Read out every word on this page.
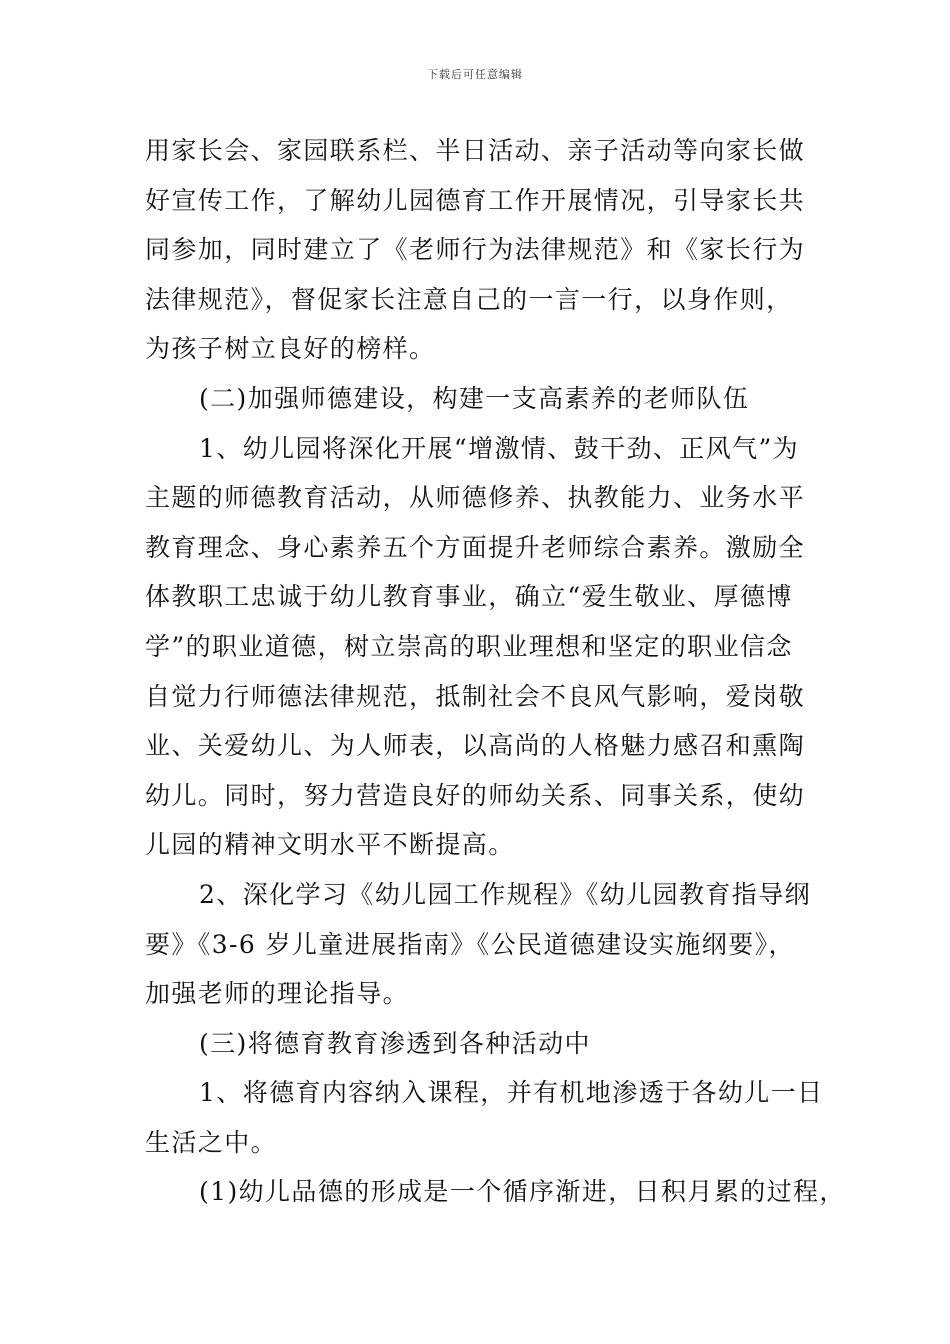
下载后可任意编辑
用家长会、家园联系栏、半日活动、亲子活动等向家长做
好宣传工作，了解幼儿园德育工作开展情况，引导家长共
同参加，同时建立了《老师行为法律规范》和《家长行为
法律规范》，督促家长注意自己的一言一行，以身作则，
为孩子树立良好的榜样。
(二)加强师德建设，构建一支高素养的老师队伍
1、幼儿园将深化开展“增激情、鼓干劲、正风气”为
主题的师德教育活动，从师德修养、执教能力、业务水平
教育理念、身心素养五个方面提升老师综合素养。激励全
体教职工忠诚于幼儿教育事业，确立“爱生敬业、厚德博
学”的职业道德，树立崇高的职业理想和坚定的职业信念
自觉力行师德法律规范，抵制社会不良风气影响，爱岗敬
业、关爱幼儿、为人师表，以高尚的人格魅力感召和熏陶
幼儿。同时，努力营造良好的师幼关系、同事关系，使幼
儿园的精神文明水平不断提高。
2、深化学习《幼儿园工作规程》《幼儿园教育指导纲
要》《3-6 岁儿童进展指南》《公民道德建设实施纲要》，
加强老师的理论指导。
(三)将德育教育渗透到各种活动中
1、将德育内容纳入课程，并有机地渗透于各幼儿一日
生活之中。
(1)幼儿品德的形成是一个循序渐进，日积月累的过程，
